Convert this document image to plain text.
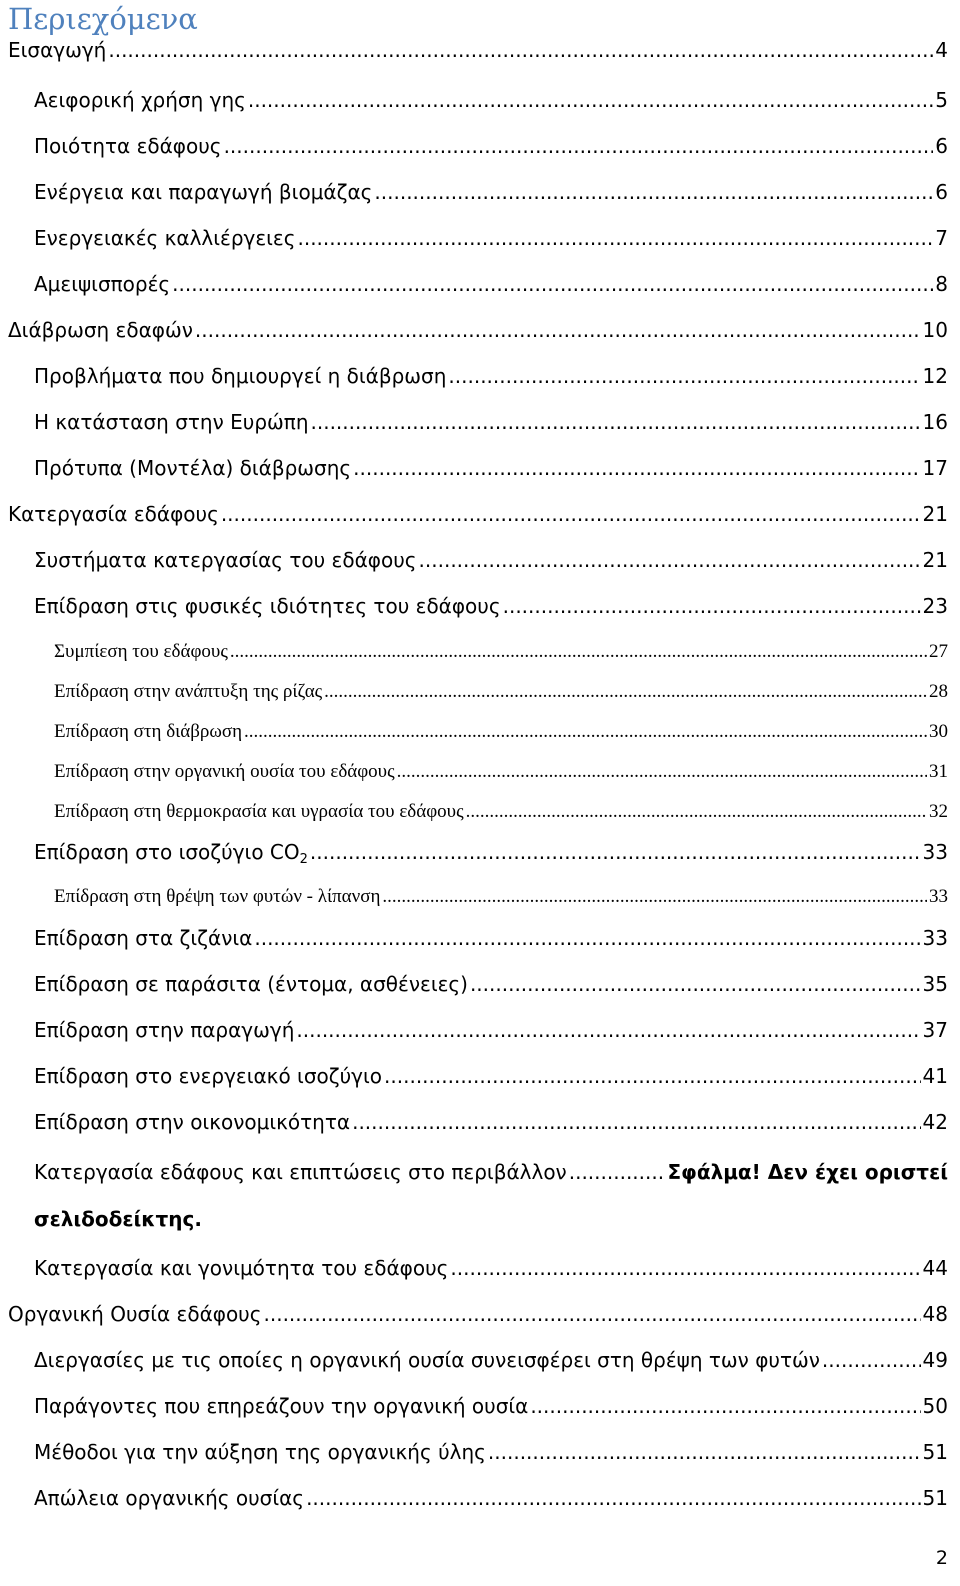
Περιεχόμενα
Εισαγωγή .....	4
Αειφορική χρήση γης .....	5
Ποιότητα εδάφους .....	6
Ενέργεια και παραγωγή βιομάζας .....	6
Ενεργειακές καλλιέργειες .....	7
Αμειψισπορές .....	8
Διάβρωση εδαφών .....	10
Προβλήματα που δημιουργεί η διάβρωση .....	12
Η κατάσταση στην Ευρώπη .....	16
Πρότυπα (Μοντέλα) διάβρωσης .....	17
Κατεργασία εδάφους .....	21
Συστήματα κατεργασίας του εδάφους .....	21
Επίδραση στις φυσικές ιδιότητες του εδάφους .....	23
Συμπίεση του εδάφους .....	27
Επίδραση στην ανάπτυξη της ρίζας .....	28
Επίδραση στη διάβρωση .....	30
Επίδραση στην οργανική ουσία του εδάφους .....	31
Επίδραση στη θερμοκρασία και υγρασία του εδάφους .....	32
Επίδραση στο ισοζύγιο $CO_2$ .....	33
Επίδραση στη θρέψη των φυτών - λίπανση .....	33
Επίδραση στα ζιζάνια .....	33
Επίδραση σε παράσιτα (έντομα, ασθένειες) .....	35
Επίδραση στην παραγωγή .....	37
Επίδραση στο ενεργειακό ισοζύγιο .....	41
Επίδραση στην οικονομικότητα .....	42
Κατεργασία εδάφους και επιπτώσεις στο περιβάλλον .....	Σφάλμα! Δεν έχει οριστεί
σελιδοδείκτης.
Κατεργασία και γονιμότητα του εδάφους .....	44
Οργανική Ουσία εδάφους .....	48
Διεργασίες με τις οποίες η οργανική ουσία συνεισφέρει στη θρέψη των φυτών .....	49
Παράγοντες που επηρεάζουν την οργανική ουσία .....	50
Μέθοδοι για την αύξηση της οργανικής ύλης .....	51
Απώλεια οργανικής ουσίας .....	51
2
